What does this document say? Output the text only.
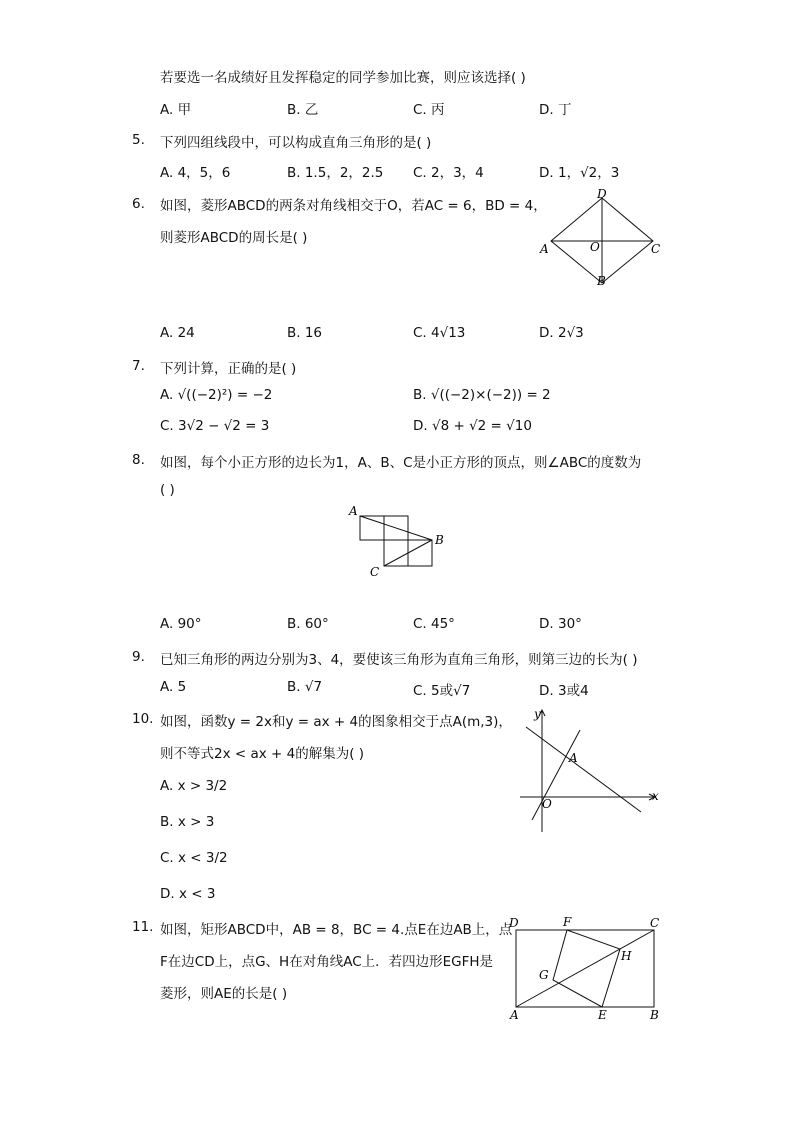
若要选一名成绩好且发挥稳定的同学参加比赛，则应该选择( )
A. 甲	B. 乙	C. 丙	D. 丁
5. 下列四组线段中，可以构成直角三角形的是( )
A. 4，5，6	B. 1.5，2，2.5 C. 2，3，4	D. 1，√2，3
6. 如图，菱形ABCD的两条对角线相交于O，若AC = 6，BD = 4，
则菱形ABCD的周长是( )
D
A	O	C
B
A. 24	B. 16	C. 4√13	D. 2√3
7. 下列计算，正确的是( )
A. √((−2)²) = −2	B. √((−2)×(−2)) = 2
C. 3√2 − √2 = 3	D. √8 + √2 = √10
8. 如图，每个小正方形的边长为1，A、B、C是小正方形的顶点，则∠ABC的度数为
( )
A
B
C
A. 90°	B. 60°	C. 45°	D. 30°
9. 已知三角形的两边分别为3、4，要使该三角形为直角三角形，则第三边的长为( )
A. 5	B. √7	C. 5或√7	D. 3或4
10. 如图，函数y = 2x和y = ax + 4的图象相交于点A(m,3)，
则不等式2x < ax + 4的解集为( )
A. x > 3/2
B. x > 3
C. x < 3/2
D. x < 3
y
A
O
x
11. 如图，矩形ABCD中，AB = 8，BC = 4.点E在边AB上，点
F在边CD上，点G、H在对角线AC上．若四边形EGFH是
菱形，则AE的长是( )
D	F	C
G
H
A	E	B
